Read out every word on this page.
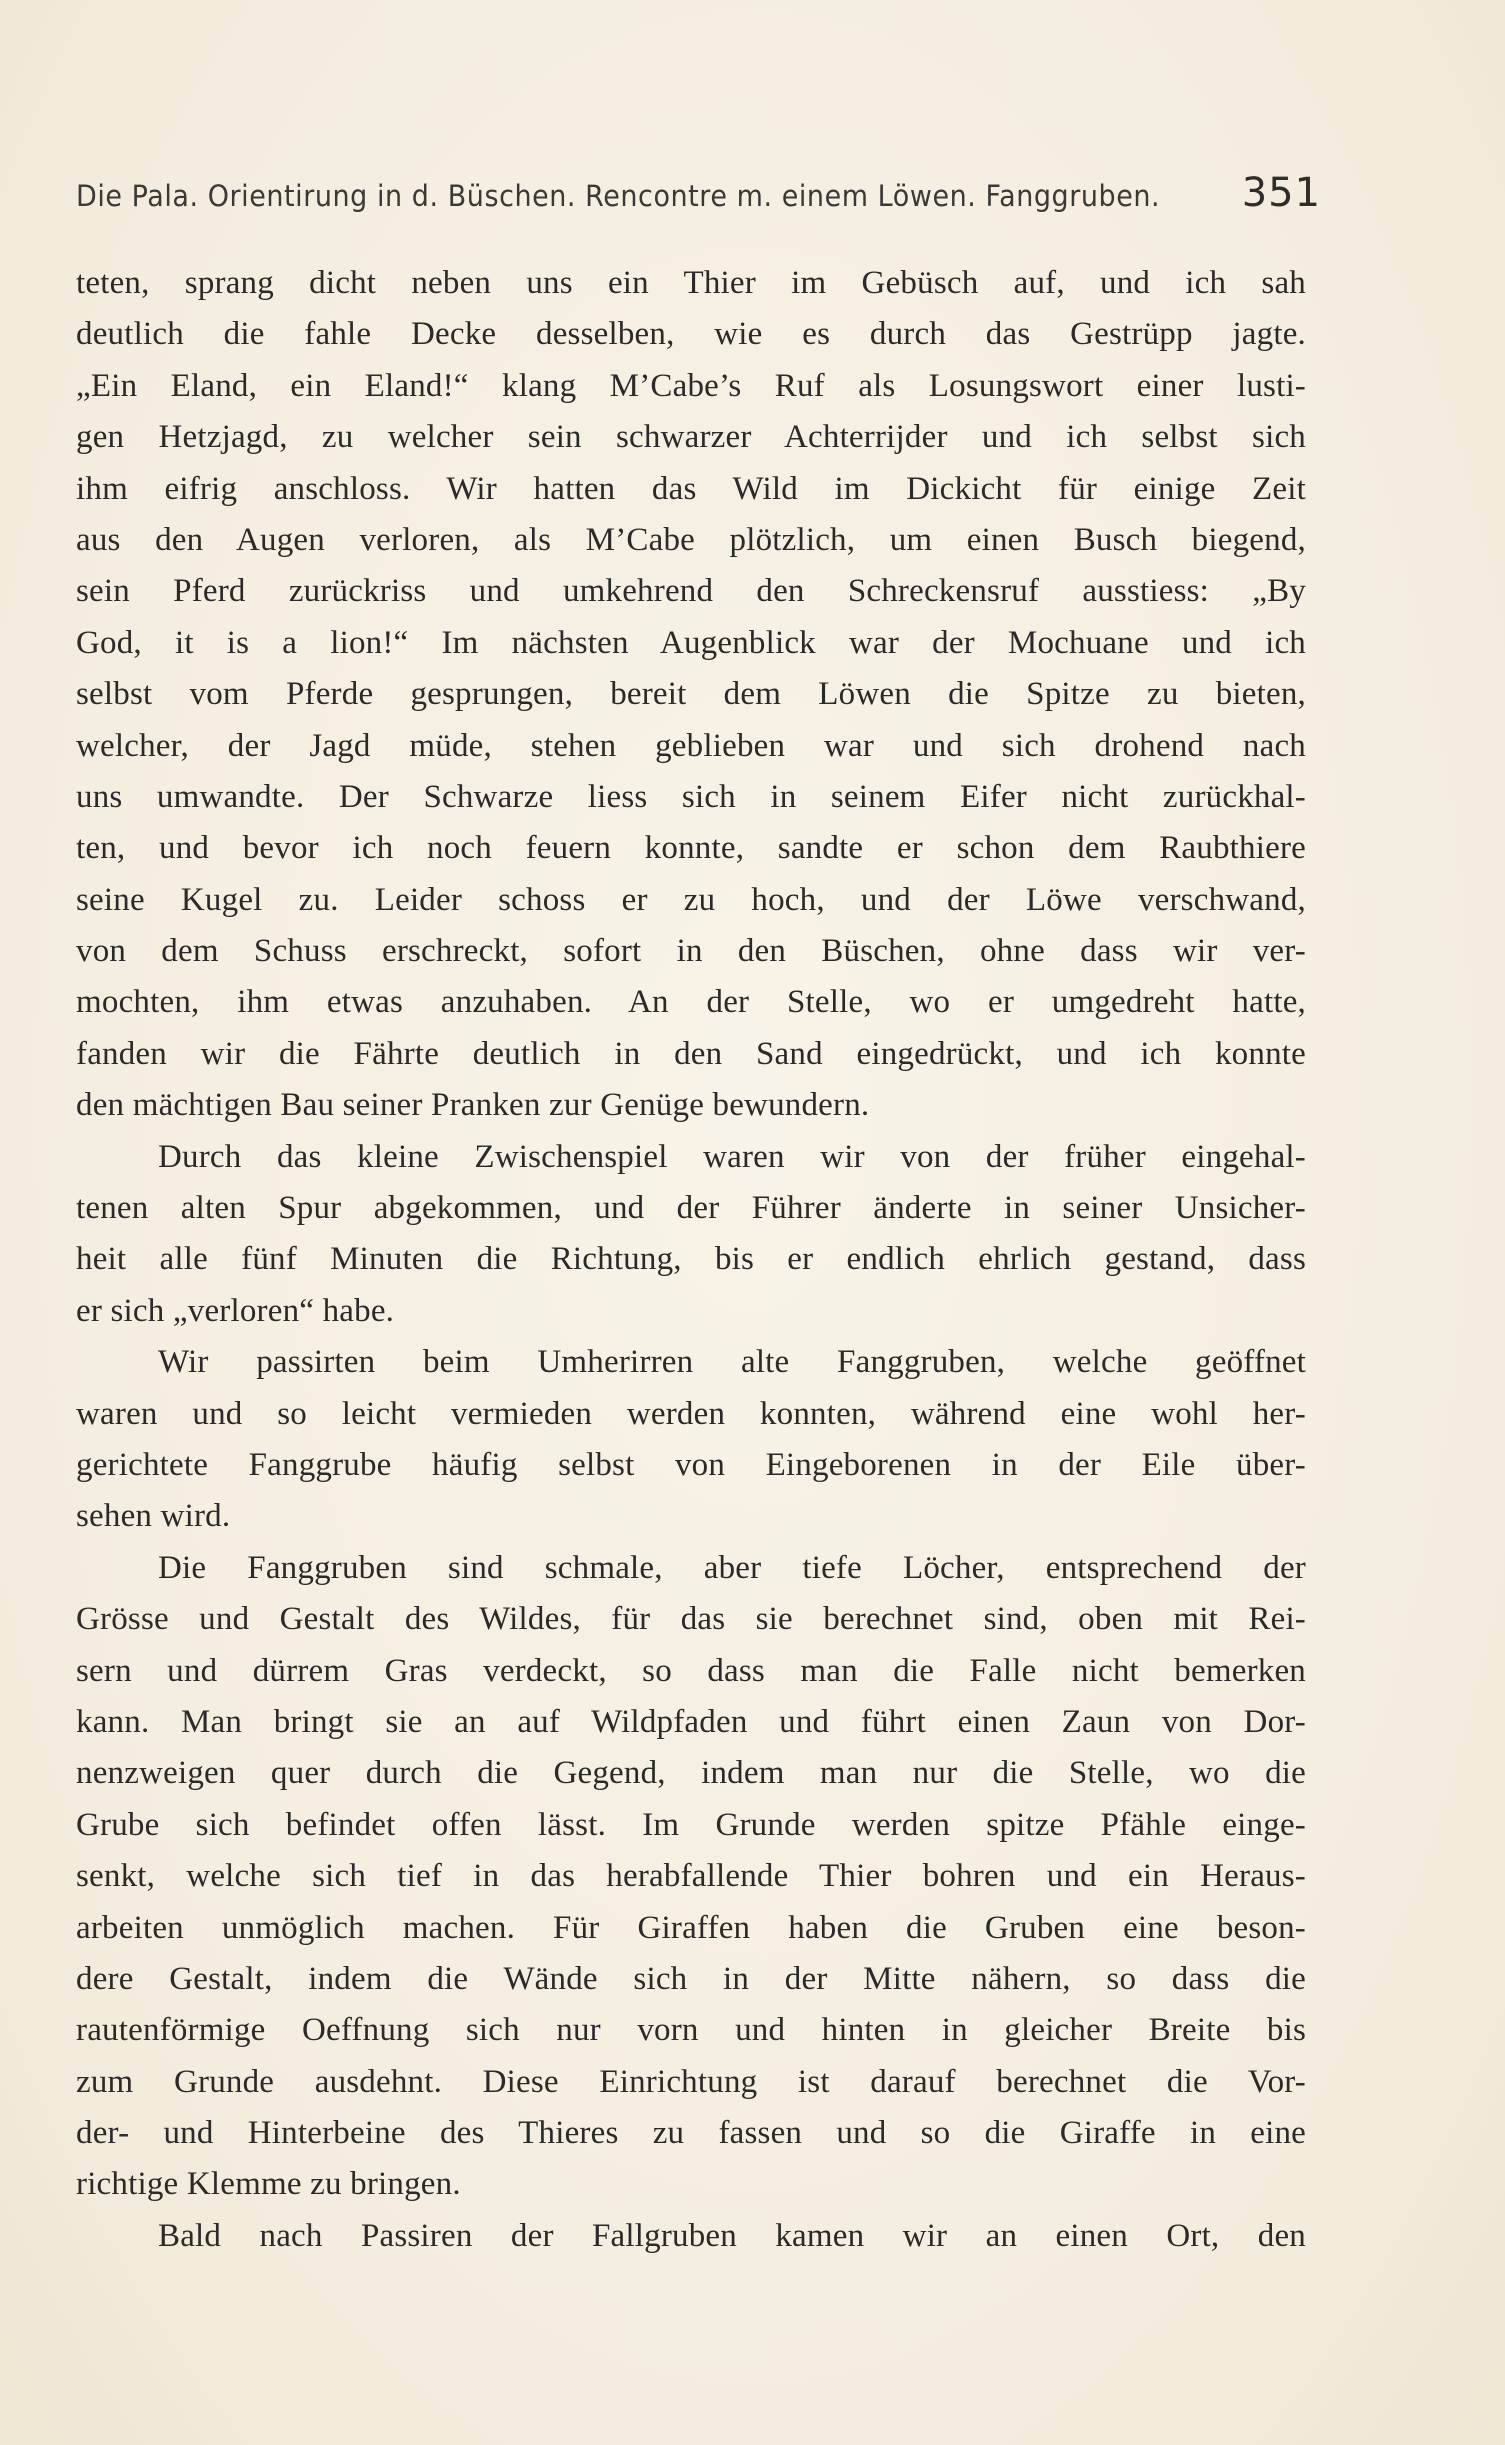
Die Pala. Orientirung in d. Büschen. Rencontre m. einem Löwen. Fanggruben. 351
teten, sprang dicht neben uns ein Thier im Gebüsch auf, und ich sah
deutlich die fahle Decke desselben, wie es durch das Gestrüpp jagte.
„Ein Eland, ein Eland!“ klang M’Cabe’s Ruf als Losungswort einer lusti-
gen Hetzjagd, zu welcher sein schwarzer Achterrijder und ich selbst sich
ihm eifrig anschloss. Wir hatten das Wild im Dickicht für einige Zeit
aus den Augen verloren, als M’Cabe plötzlich, um einen Busch biegend,
sein Pferd zurückriss und umkehrend den Schreckensruf ausstiess: „By
God, it is a lion!“ Im nächsten Augenblick war der Mochuane und ich
selbst vom Pferde gesprungen, bereit dem Löwen die Spitze zu bieten,
welcher, der Jagd müde, stehen geblieben war und sich drohend nach
uns umwandte. Der Schwarze liess sich in seinem Eifer nicht zurückhal-
ten, und bevor ich noch feuern konnte, sandte er schon dem Raubthiere
seine Kugel zu. Leider schoss er zu hoch, und der Löwe verschwand,
von dem Schuss erschreckt, sofort in den Büschen, ohne dass wir ver-
mochten, ihm etwas anzuhaben. An der Stelle, wo er umgedreht hatte,
fanden wir die Fährte deutlich in den Sand eingedrückt, und ich konnte
den mächtigen Bau seiner Pranken zur Genüge bewundern.
Durch das kleine Zwischenspiel waren wir von der früher eingehal-
tenen alten Spur abgekommen, und der Führer änderte in seiner Unsicher-
heit alle fünf Minuten die Richtung, bis er endlich ehrlich gestand, dass
er sich „verloren“ habe.
Wir passirten beim Umherirren alte Fanggruben, welche geöffnet
waren und so leicht vermieden werden konnten, während eine wohl her-
gerichtete Fanggrube häufig selbst von Eingeborenen in der Eile über-
sehen wird.
Die Fanggruben sind schmale, aber tiefe Löcher, entsprechend der
Grösse und Gestalt des Wildes, für das sie berechnet sind, oben mit Rei-
sern und dürrem Gras verdeckt, so dass man die Falle nicht bemerken
kann. Man bringt sie an auf Wildpfaden und führt einen Zaun von Dor-
nenzweigen quer durch die Gegend, indem man nur die Stelle, wo die
Grube sich befindet offen lässt. Im Grunde werden spitze Pfähle einge-
senkt, welche sich tief in das herabfallende Thier bohren und ein Heraus-
arbeiten unmöglich machen. Für Giraffen haben die Gruben eine beson-
dere Gestalt, indem die Wände sich in der Mitte nähern, so dass die
rautenförmige Oeffnung sich nur vorn und hinten in gleicher Breite bis
zum Grunde ausdehnt. Diese Einrichtung ist darauf berechnet die Vor-
der- und Hinterbeine des Thieres zu fassen und so die Giraffe in eine
richtige Klemme zu bringen.
Bald nach Passiren der Fallgruben kamen wir an einen Ort, den
